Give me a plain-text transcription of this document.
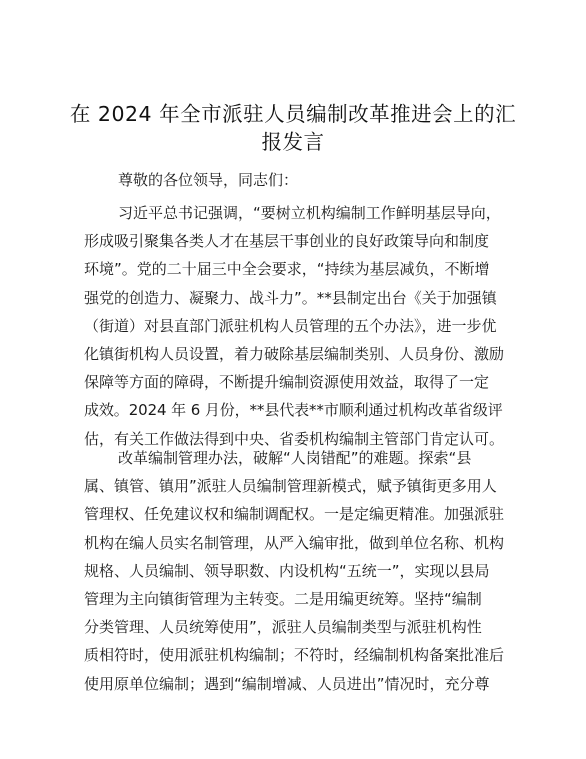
在 2024 年全市派驻人员编制改革推进会上的汇
报发言
尊敬的各位领导，同志们：
习近平总书记强调，“要树立机构编制工作鲜明基层导向，
形成吸引聚集各类人才在基层干事创业的良好政策导向和制度
环境”。党的二十届三中全会要求，“持续为基层减负，不断增
强党的创造力、凝聚力、战斗力”。**县制定出台《关于加强镇
（街道）对县直部门派驻机构人员管理的五个办法》，进一步优
化镇街机构人员设置，着力破除基层编制类别、人员身份、激励
保障等方面的障碍，不断提升编制资源使用效益，取得了一定
成效。2024 年 6 月份，**县代表**市顺利通过机构改革省级评
估，有关工作做法得到中央、省委机构编制主管部门肯定认可。
改革编制管理办法，破解“人岗错配”的难题。探索“县
属、镇管、镇用”派驻人员编制管理新模式，赋予镇街更多用人
管理权、任免建议权和编制调配权。一是定编更精准。加强派驻
机构在编人员实名制管理，从严入编审批，做到单位名称、机构
规格、人员编制、领导职数、内设机构“五统一”，实现以县局
管理为主向镇街管理为主转变。二是用编更统筹。坚持“编制
分类管理、人员统筹使用”，派驻人员编制类型与派驻机构性
质相符时，使用派驻机构编制；不符时，经编制机构备案批准后
使用原单位编制；遇到“编制增减、人员进出”情况时，充分尊
